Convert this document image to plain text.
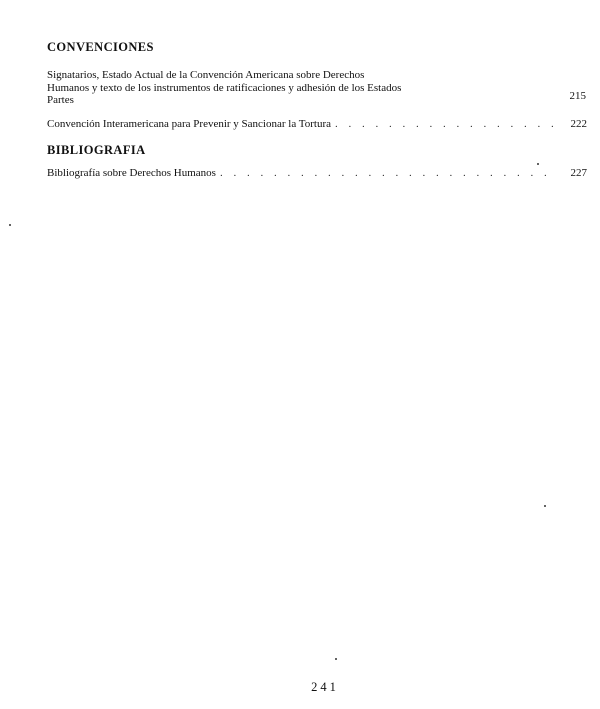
CONVENCIONES
Signatarios, Estado Actual de la Convención Americana sobre Derechos
Humanos y texto de los instrumentos de ratificaciones y adhesión de los Estados
Partes	215
Convención Interamericana para Prevenir y Sancionar la Tortura . . .	222
BIBLIOGRAFIA
Bibliografía sobre Derechos Humanos . . .	227
241
